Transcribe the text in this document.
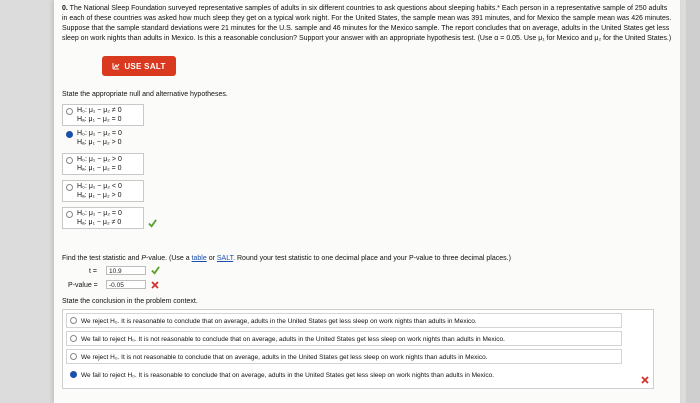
0. The National Sleep Foundation surveyed representative samples of adults in six different countries to ask questions about sleeping habits.* Each person in a representative sample of 250 adults in each of these countries was asked how much sleep they get on a typical work night. For the United States, the sample mean was 391 minutes, and for Mexico the sample mean was 426 minutes. Suppose that the sample standard deviations were 21 minutes for the U.S. sample and 46 minutes for the Mexico sample. The report concludes that on average, adults in the United States get less sleep on work nights than adults in Mexico. Is this a reasonable conclusion? Support your answer with an appropriate hypothesis test. (Use α = 0.05. Use μ₁ for Mexico and μ₂ for the United States.)
USE SALT
State the appropriate null and alternative hypotheses.
H₀: μ₁ − μ₂ ≠ 0
Hₐ: μ₁ − μ₂ = 0
H₀: μ₁ − μ₂ = 0
Hₐ: μ₁ − μ₂ > 0
H₀: μ₁ − μ₂ > 0
Hₐ: μ₁ − μ₂ = 0
H₀: μ₁ − μ₂ < 0
Hₐ: μ₁ − μ₂ > 0
H₀: μ₁ − μ₂ = 0
Hₐ: μ₁ − μ₂ ≠ 0
Find the test statistic and P-value. (Use a table or SALT. Round your test statistic to one decimal place and your P-value to three decimal places.)
t =	10.9
P-value =	-0.05
State the conclusion in the problem context.
We reject H₀. It is reasonable to conclude that on average, adults in the United States get less sleep on work nights than adults in Mexico.
We fail to reject H₀. It is not reasonable to conclude that on average, adults in the United States get less sleep on work nights than adults in Mexico.
We reject H₀. It is not reasonable to conclude that on average, adults in the United States get less sleep on work nights than adults in Mexico.
We fail to reject H₀. It is reasonable to conclude that on average, adults in the United States get less sleep on work nights than adults in Mexico.
